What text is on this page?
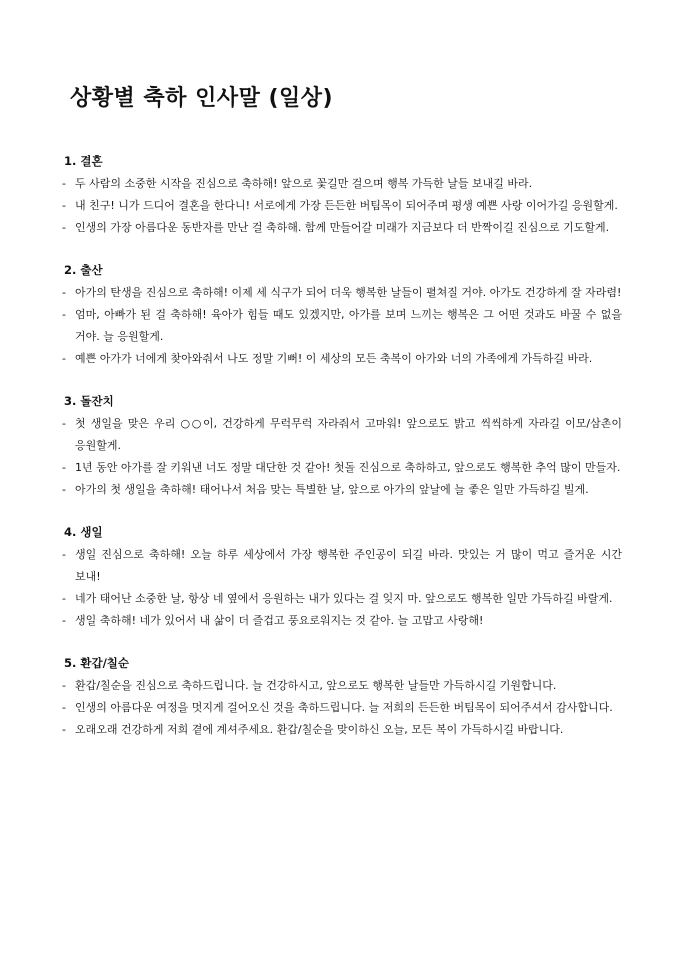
상황별 축하 인사말 (일상)
1. 결혼
- 두 사람의 소중한 시작을 진심으로 축하해! 앞으로 꽃길만 걸으며 행복 가득한 날들 보내길 바라.
- 내 친구! 니가 드디어 결혼을 한다니! 서로에게 가장 든든한 버팀목이 되어주며 평생 예쁜 사랑 이어가길 응원할게.
- 인생의 가장 아름다운 동반자를 만난 걸 축하해. 함께 만들어갈 미래가 지금보다 더 반짝이길 진심으로 기도할게.
2. 출산
- 아가의 탄생을 진심으로 축하해! 이제 세 식구가 되어 더욱 행복한 날들이 펼쳐질 거야. 아가도 건강하게 잘 자라렴!
- 엄마, 아빠가 된 걸 축하해! 육아가 힘들 때도 있겠지만, 아가를 보며 느끼는 행복은 그 어떤 것과도 바꿀 수 없을 거야. 늘 응원할게.
- 예쁜 아가가 너에게 찾아와줘서 나도 정말 기뻐! 이 세상의 모든 축복이 아가와 너의 가족에게 가득하길 바라.
3. 돌잔치
- 첫 생일을 맞은 우리 ○○이, 건강하게 무럭무럭 자라줘서 고마워! 앞으로도 밝고 씩씩하게 자라길 이모/삼촌이 응원할게.
- 1년 동안 아가를 잘 키워낸 너도 정말 대단한 것 같아! 첫돌 진심으로 축하하고, 앞으로도 행복한 추억 많이 만들자.
- 아가의 첫 생일을 축하해! 태어나서 처음 맞는 특별한 날, 앞으로 아가의 앞날에 늘 좋은 일만 가득하길 빌게.
4. 생일
- 생일 진심으로 축하해! 오늘 하루 세상에서 가장 행복한 주인공이 되길 바라. 맛있는 거 많이 먹고 즐거운 시간 보내!
- 네가 태어난 소중한 날, 항상 네 옆에서 응원하는 내가 있다는 걸 잊지 마. 앞으로도 행복한 일만 가득하길 바랄게.
- 생일 축하해! 네가 있어서 내 삶이 더 즐겁고 풍요로워지는 것 같아. 늘 고맙고 사랑해!
5. 환갑/칠순
- 환갑/칠순을 진심으로 축하드립니다. 늘 건강하시고, 앞으로도 행복한 날들만 가득하시길 기원합니다.
- 인생의 아름다운 여정을 멋지게 걸어오신 것을 축하드립니다. 늘 저희의 든든한 버팀목이 되어주셔서 감사합니다.
- 오래오래 건강하게 저희 곁에 계셔주세요. 환갑/칠순을 맞이하신 오늘, 모든 복이 가득하시길 바랍니다.
